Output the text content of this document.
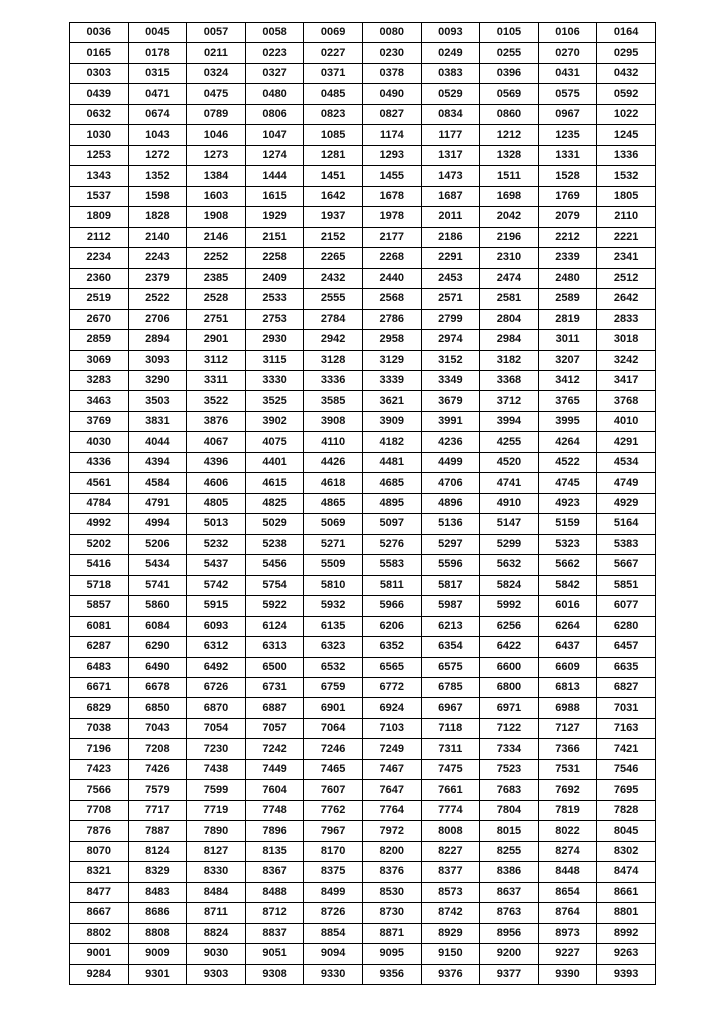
0036	0045	0057	0058	0069	0080	0093	0105	0106	0164
0165	0178	0211	0223	0227	0230	0249	0255	0270	0295
0303	0315	0324	0327	0371	0378	0383	0396	0431	0432
0439	0471	0475	0480	0485	0490	0529	0569	0575	0592
0632	0674	0789	0806	0823	0827	0834	0860	0967	1022
1030	1043	1046	1047	1085	1174	1177	1212	1235	1245
1253	1272	1273	1274	1281	1293	1317	1328	1331	1336
1343	1352	1384	1444	1451	1455	1473	1511	1528	1532
1537	1598	1603	1615	1642	1678	1687	1698	1769	1805
1809	1828	1908	1929	1937	1978	2011	2042	2079	2110
2112	2140	2146	2151	2152	2177	2186	2196	2212	2221
2234	2243	2252	2258	2265	2268	2291	2310	2339	2341
2360	2379	2385	2409	2432	2440	2453	2474	2480	2512
2519	2522	2528	2533	2555	2568	2571	2581	2589	2642
2670	2706	2751	2753	2784	2786	2799	2804	2819	2833
2859	2894	2901	2930	2942	2958	2974	2984	3011	3018
3069	3093	3112	3115	3128	3129	3152	3182	3207	3242
3283	3290	3311	3330	3336	3339	3349	3368	3412	3417
3463	3503	3522	3525	3585	3621	3679	3712	3765	3768
3769	3831	3876	3902	3908	3909	3991	3994	3995	4010
4030	4044	4067	4075	4110	4182	4236	4255	4264	4291
4336	4394	4396	4401	4426	4481	4499	4520	4522	4534
4561	4584	4606	4615	4618	4685	4706	4741	4745	4749
4784	4791	4805	4825	4865	4895	4896	4910	4923	4929
4992	4994	5013	5029	5069	5097	5136	5147	5159	5164
5202	5206	5232	5238	5271	5276	5297	5299	5323	5383
5416	5434	5437	5456	5509	5583	5596	5632	5662	5667
5718	5741	5742	5754	5810	5811	5817	5824	5842	5851
5857	5860	5915	5922	5932	5966	5987	5992	6016	6077
6081	6084	6093	6124	6135	6206	6213	6256	6264	6280
6287	6290	6312	6313	6323	6352	6354	6422	6437	6457
6483	6490	6492	6500	6532	6565	6575	6600	6609	6635
6671	6678	6726	6731	6759	6772	6785	6800	6813	6827
6829	6850	6870	6887	6901	6924	6967	6971	6988	7031
7038	7043	7054	7057	7064	7103	7118	7122	7127	7163
7196	7208	7230	7242	7246	7249	7311	7334	7366	7421
7423	7426	7438	7449	7465	7467	7475	7523	7531	7546
7566	7579	7599	7604	7607	7647	7661	7683	7692	7695
7708	7717	7719	7748	7762	7764	7774	7804	7819	7828
7876	7887	7890	7896	7967	7972	8008	8015	8022	8045
8070	8124	8127	8135	8170	8200	8227	8255	8274	8302
8321	8329	8330	8367	8375	8376	8377	8386	8448	8474
8477	8483	8484	8488	8499	8530	8573	8637	8654	8661
8667	8686	8711	8712	8726	8730	8742	8763	8764	8801
8802	8808	8824	8837	8854	8871	8929	8956	8973	8992
9001	9009	9030	9051	9094	9095	9150	9200	9227	9263
9284	9301	9303	9308	9330	9356	9376	9377	9390	9393
